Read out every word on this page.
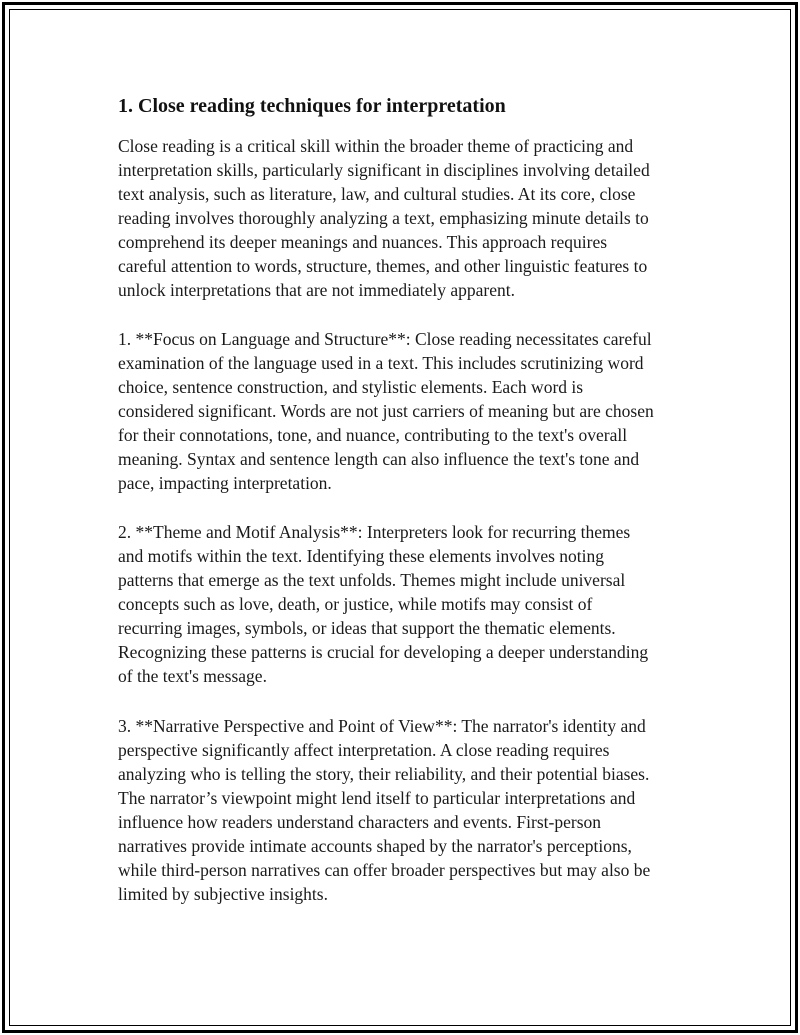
1. Close reading techniques for interpretation

Close reading is a critical skill within the broader theme of practicing and

interpretation skills, particularly significant in disciplines involving detailed

text analysis, such as literature, law, and cultural studies. At its core, close

reading involves thoroughly analyzing a text, emphasizing minute details to

comprehend its deeper meanings and nuances. This approach requires

careful attention to words, structure, themes, and other linguistic features to

unlock interpretations that are not immediately apparent.

1. **Focus on Language and Structure**: Close reading necessitates careful

examination of the language used in a text. This includes scrutinizing word

choice, sentence construction, and stylistic elements. Each word is

considered significant. Words are not just carriers of meaning but are chosen

for their connotations, tone, and nuance, contributing to the text's overall

meaning. Syntax and sentence length can also influence the text's tone and

pace, impacting interpretation.

2. **Theme and Motif Analysis**: Interpreters look for recurring themes

and motifs within the text. Identifying these elements involves noting

patterns that emerge as the text unfolds. Themes might include universal

concepts such as love, death, or justice, while motifs may consist of

recurring images, symbols, or ideas that support the thematic elements.

Recognizing these patterns is crucial for developing a deeper understanding

of the text's message.

3. **Narrative Perspective and Point of View**: The narrator's identity and

perspective significantly affect interpretation. A close reading requires

analyzing who is telling the story, their reliability, and their potential biases.

The narrator’s viewpoint might lend itself to particular interpretations and

influence how readers understand characters and events. First-person

narratives provide intimate accounts shaped by the narrator's perceptions,

while third-person narratives can offer broader perspectives but may also be

limited by subjective insights.
